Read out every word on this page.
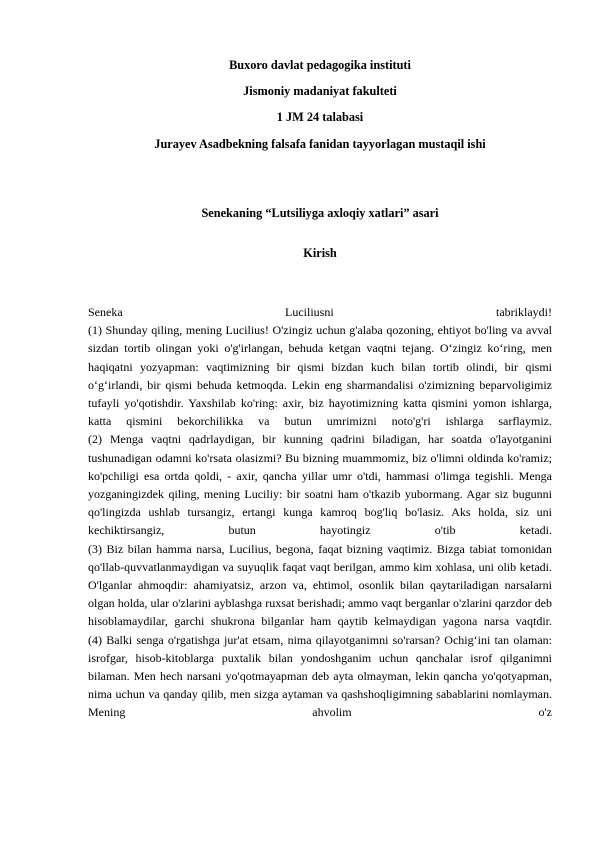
Buxoro davlat pedagogika instituti
Jismoniy madaniyat fakulteti
1 JM 24 talabasi
Jurayev Asadbekning falsafa fanidan tayyorlagan mustaqil ishi
Senekaning “Lutsiliyga axloqiy xatlari” asari
Kirish

Seneka Luciliusni tabriklaydi!

(1) Shunday qiling, mening Lucilius! O'zingiz uchun g'alaba qozoning, ehtiyot bo'ling va avval sizdan tortib olingan yoki o'g'irlangan, behuda ketgan vaqtni tejang. O‘zingiz ko‘ring, men haqiqatni yozyapman: vaqtimizning bir qismi bizdan kuch bilan tortib olindi, bir qismi o‘g‘irlandi, bir qismi behuda ketmoqda. Lekin eng sharmandalisi o'zimizning beparvoligimiz tufayli yo'qotishdir. Yaxshilab ko'ring: axir, biz hayotimizning katta qismini yomon ishlarga, katta qismini bekorchilikka va butun umrimizni noto'g'ri ishlarga sarflaymiz.

(2) Menga vaqtni qadrlaydigan, bir kunning qadrini biladigan, har soatda o'layotganini tushunadigan odamni ko'rsata olasizmi? Bu bizning muammomiz, biz o'limni oldinda ko'ramiz; ko'pchiligi esa ortda qoldi, - axir, qancha yillar umr o'tdi, hammasi o'limga tegishli. Menga yozganingizdek qiling, mening Luciliy: bir soatni ham o'tkazib yubormang. Agar siz bugunni qo'lingizda ushlab tursangiz, ertangi kunga kamroq bog'liq bo'lasiz. Aks holda, siz uni kechiktirsangiz, butun hayotingiz o'tib ketadi.

(3) Biz bilan hamma narsa, Lucilius, begona, faqat bizning vaqtimiz. Bizga tabiat tomonidan qo'llab-quvvatlanmaydigan va suyuqlik faqat vaqt berilgan, ammo kim xohlasa, uni olib ketadi. O'lganlar ahmoqdir: ahamiyatsiz, arzon va, ehtimol, osonlik bilan qaytariladigan narsalarni olgan holda, ular o'zlarini ayblashga ruxsat berishadi; ammo vaqt berganlar o'zlarini qarzdor deb hisoblamaydilar, garchi shukrona bilganlar ham qaytib kelmaydigan yagona narsa vaqtdir.

(4) Balki senga o'rgatishga jur'at etsam, nima qilayotganimni so'rarsan? Ochig‘ini tan olaman: isrofgar, hisob-kitoblarga puxtalik bilan yondoshganim uchun qanchalar isrof qilganimni bilaman. Men hech narsani yo'qotmayapman deb ayta olmayman, lekin qancha yo'qotyapman, nima uchun va qanday qilib, men sizga aytaman va qashshoqligimning sabablarini nomlayman. Mening ahvolim o'z
